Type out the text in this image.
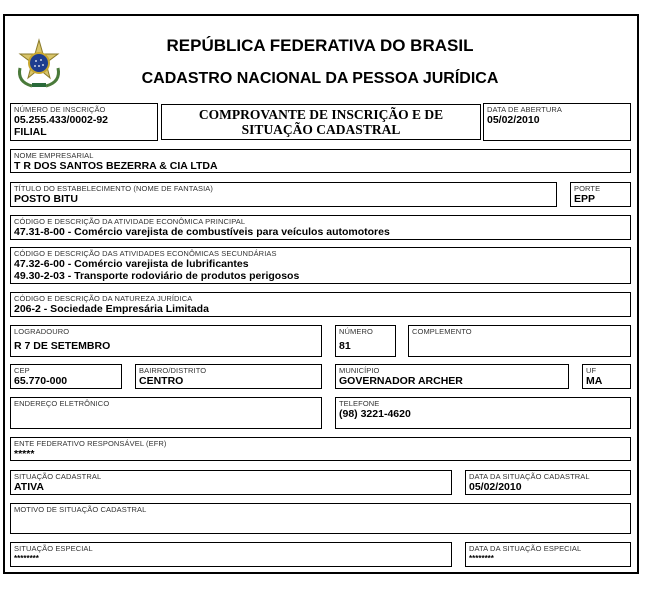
REPÚBLICA FEDERATIVA DO BRASIL
CADASTRO NACIONAL DA PESSOA JURÍDICA
NÚMERO DE INSCRIÇÃO
05.255.433/0002-92
FILIAL
COMPROVANTE DE INSCRIÇÃO E DE SITUAÇÃO CADASTRAL
DATA DE ABERTURA
05/02/2010
NOME EMPRESARIAL
T R DOS SANTOS BEZERRA & CIA LTDA
TÍTULO DO ESTABELECIMENTO (NOME DE FANTASIA)
POSTO BITU
PORTE
EPP
CÓDIGO E DESCRIÇÃO DA ATIVIDADE ECONÔMICA PRINCIPAL
47.31-8-00 - Comércio varejista de combustíveis para veículos automotores
CÓDIGO E DESCRIÇÃO DAS ATIVIDADES ECONÔMICAS SECUNDÁRIAS
47.32-6-00 - Comércio varejista de lubrificantes
49.30-2-03 - Transporte rodoviário de produtos perigosos
CÓDIGO E DESCRIÇÃO DA NATUREZA JURÍDICA
206-2 - Sociedade Empresária Limitada
LOGRADOURO
R 7 DE SETEMBRO
NÚMERO
81
COMPLEMENTO
CEP
65.770-000
BAIRRO/DISTRITO
CENTRO
MUNICÍPIO
GOVERNADOR ARCHER
UF
MA
ENDEREÇO ELETRÔNICO	TELEFONE
(98) 3221-4620
ENTE FEDERATIVO RESPONSÁVEL (EFR)
*****
SITUAÇÃO CADASTRAL
ATIVA
DATA DA SITUAÇÃO CADASTRAL
05/02/2010
MOTIVO DE SITUAÇÃO CADASTRAL
SITUAÇÃO ESPECIAL
********
DATA DA SITUAÇÃO ESPECIAL
********
